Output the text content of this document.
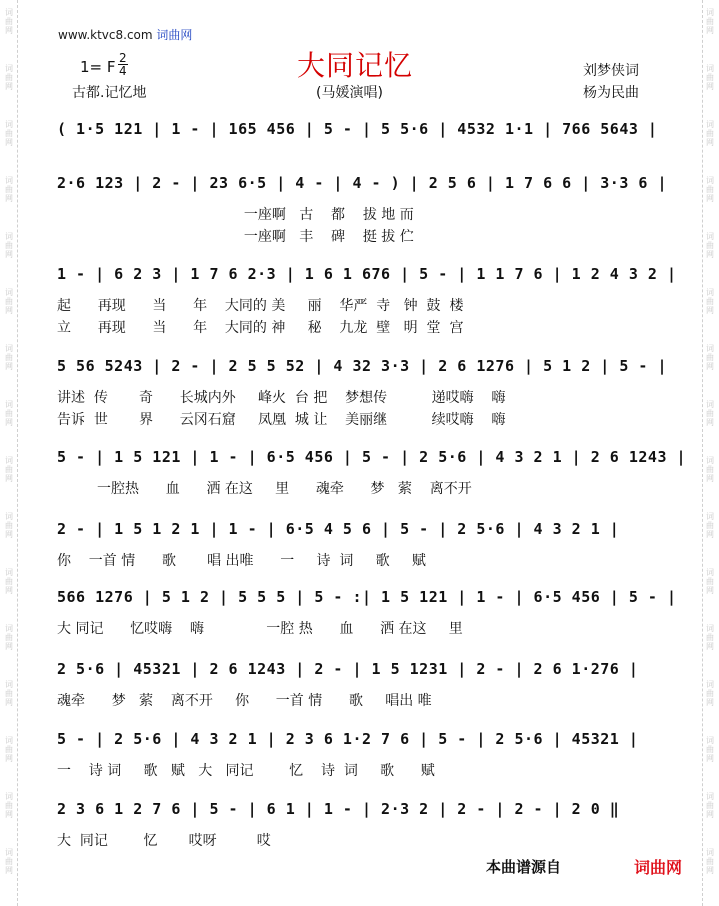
词
曲
网
词
曲
网
词
曲
网
词
曲
网
词
曲
网
词
曲
网
词
曲
网
词
曲
网
词
曲
网
词
曲
网
词
曲
网
词
曲
网
词
曲
网
词
曲
网
词
曲
网
词
曲
网
词
曲
网
词
曲
网
词
曲
网
词
曲
网
词
曲
网
词
曲
网
词
曲
网
词
曲
网
词
曲
网
词
曲
网
词
曲
网
词
曲
网
词
曲
网
词
曲
网
词
曲
网
词
曲
网
www.ktvc8.com 词曲网
大同记忆
1= F 2
4
古都.记忆地	(马媛演唱)
刘梦侠词
杨为民曲
( 1·5 121 | 1 - | 165 456 | 5 - | 5 5·6 | 4532 1·1 | 766 5643 |
2·6 123 | 2 - | 23 6·5 | 4 - | 4 - ) | 2 5 6 | 1 7 6 6 | 3·3 6 |
一座啊   古    都    拔 地 而
一座啊   丰    碑    挺 拔 伫
1 - | 6 2 3 | 1 7 6 2·3 | 1 6 1 676 | 5 - | 1 1 7 6 | 1 2 4 3 2 |
起      再现      当      年    大同的 美     丽    华严  寺   钟  鼓  楼
立      再现      当      年    大同的 神     秘    九龙  壁   明  堂  宫
5 56 5243 | 2 - | 2 5 5 52 | 4 32 3·3 | 2 6 1276 | 5 1 2 | 5 - |
讲述  传       奇      长城内外     峰火  台 把    梦想传          递哎嗨    嗨
告诉  世       界      云冈石窟     凤凰  城 让    美丽继          续哎嗨    嗨
5 - | 1 5 121 | 1 - | 6·5 456 | 5 - | 2 5·6 | 4 3 2 1 | 2 6 1243 |
一腔热      血      洒 在这     里      魂牵      梦   萦    离不开
2 - | 1 5 1 2 1 | 1 - | 6·5 4 5 6 | 5 - | 2 5·6 | 4 3 2 1 |
你    一首 情      歌       唱 出唯      一     诗  词     歌     赋
566 1276 | 5 1 2 | 5 5 5 | 5 - :| 1 5 121 | 1 - | 6·5 456 | 5 - |
大 同记      忆哎嗨    嗨              一腔 热      血      洒 在这     里
2 5·6 | 45321 | 2 6 1243 | 2 - | 1 5 1231 | 2 - | 2 6 1·276 |
魂牵      梦   萦    离不开     你      一首 情      歌     唱出 唯
5 - | 2 5·6 | 4 3 2 1 | 2 3 6 1·2 7 6 | 5 - | 2 5·6 | 45321 |
一    诗 词     歌   赋   大   同记        忆    诗  词     歌      赋
2 3 6 1 2 7 6 | 5 - | 6 1 | 1 - | 2·3 2 | 2 - | 2 - | 2 0 ‖
大  同记        忆       哎呀         哎
本曲谱源自	词曲网
